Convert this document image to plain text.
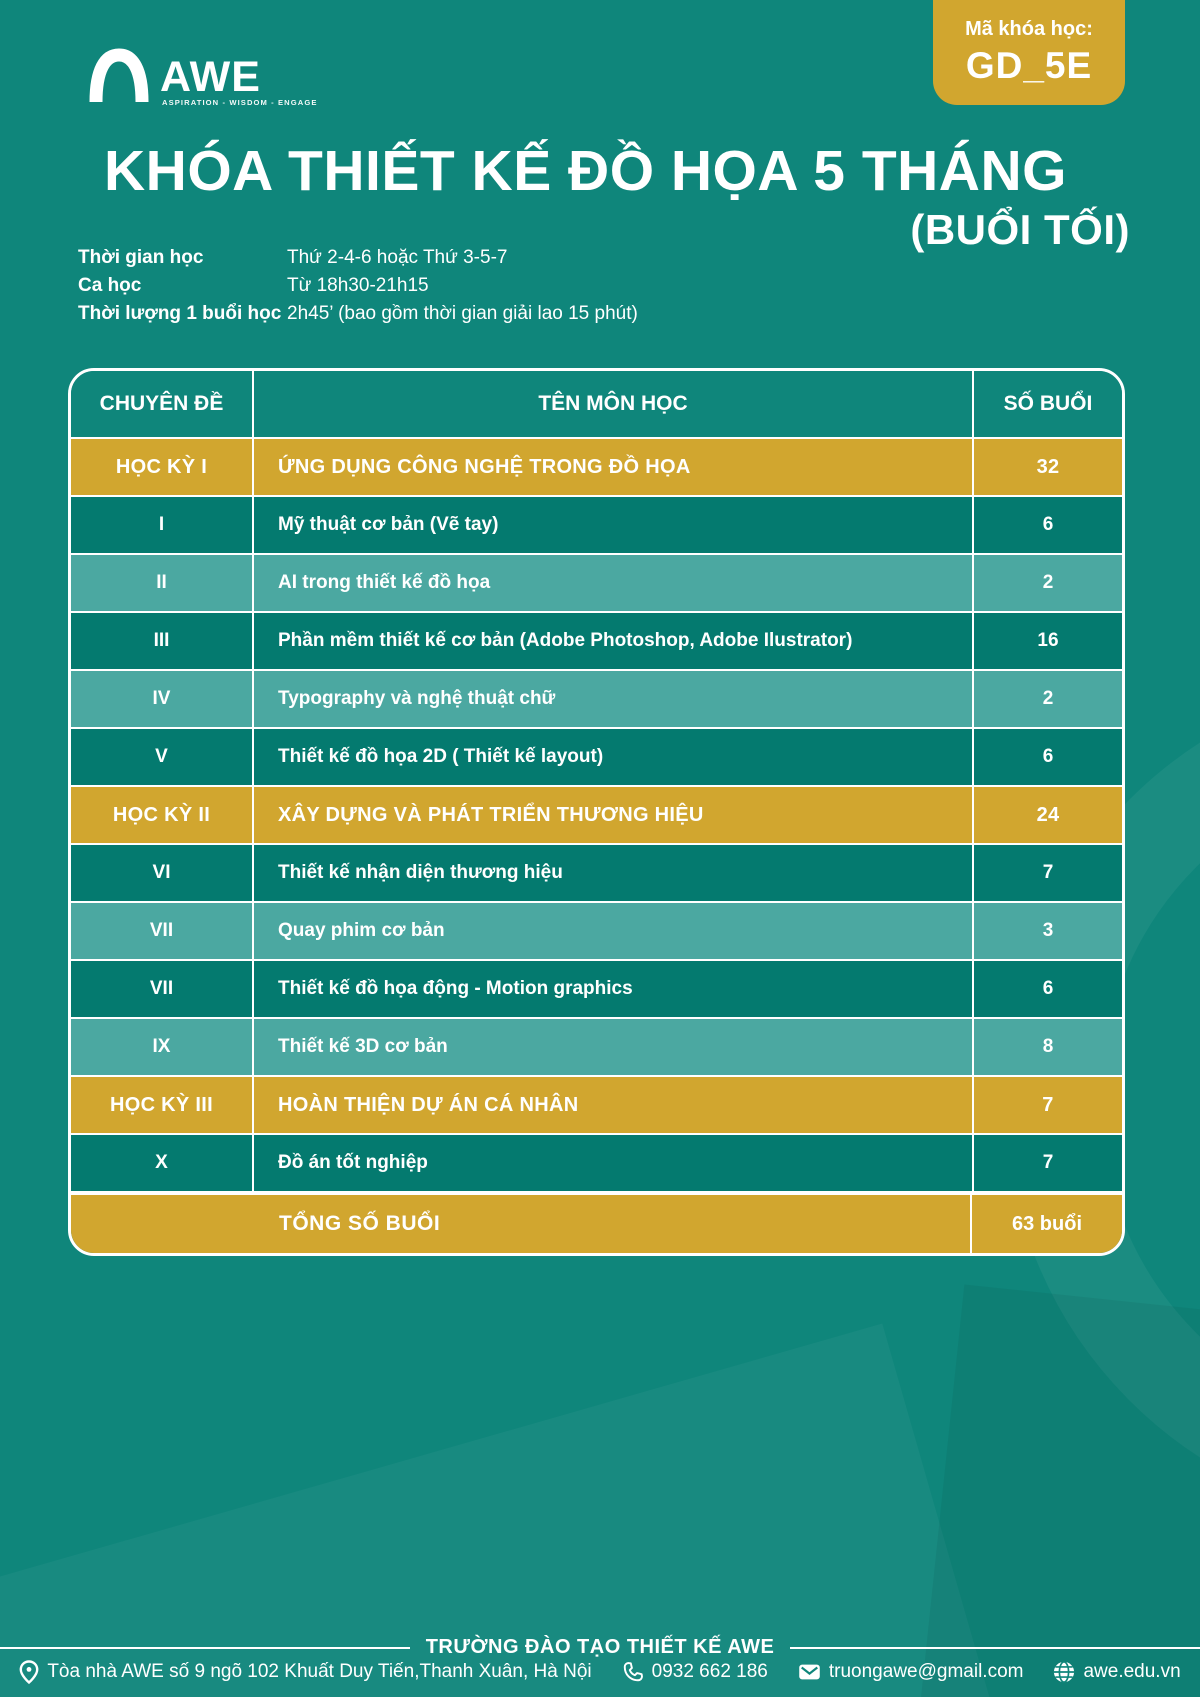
AWE
ASPIRATION - WISDOM - ENGAGE
Mã khóa học:
GD_5E
KHÓA THIẾT KẾ ĐỒ HỌA 5 THÁNG
(BUỔI TỐI)
Thời gian học	Thứ 2-4-6 hoặc Thứ 3-5-7
Ca học	Từ 18h30-21h15
Thời lượng 1 buổi học 2h45’ (bao gồm thời gian giải lao 15 phút)
CHUYÊN ĐỀ	TÊN MÔN HỌC	SỐ BUỔI
HỌC KỲ I	ỨNG DỤNG CÔNG NGHỆ TRONG ĐỒ HỌA	32
I	Mỹ thuật cơ bản (Vẽ tay)	6
II	AI trong thiết kế đồ họa	2
III	Phần mềm thiết kế cơ bản (Adobe Photoshop, Adobe Ilustrator)	16
IV	Typography và nghệ thuật chữ	2
V	Thiết kế đồ họa 2D ( Thiết kế layout)	6
HỌC KỲ II	XÂY DỰNG VÀ PHÁT TRIỂN THƯƠNG HIỆU	24
VI	Thiết kế nhận diện thương hiệu	7
VII	Quay phim cơ bản	3
VII	Thiết kế đồ họa động - Motion graphics	6
IX	Thiết kế 3D cơ bản	8
HỌC KỲ III	HOÀN THIỆN DỰ ÁN CÁ NHÂN	7
X	Đồ án tốt nghiệp	7
TỔNG SỐ BUỔI	63 buổi
TRƯỜNG ĐÀO TẠO THIẾT KẾ AWE
Tòa nhà AWE số 9 ngõ 102 Khuất Duy Tiến,Thanh Xuân, Hà Nội	0932 662 186	truongawe@gmail.com	awe.edu.vn
